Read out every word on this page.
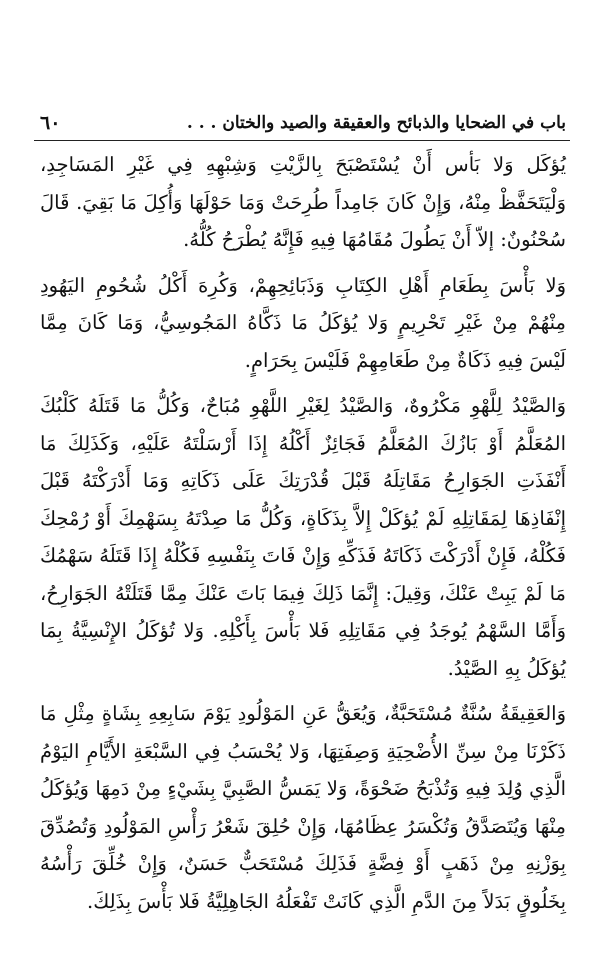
باب في الضحايا والذبائح والعقيقة والصيد والختان . . .
٦٠

يُؤكَل وَلا بَأس أَنْ يُسْتَصْبَحَ بِالزَّيْتِ وَشِبْهِهِ فِي غَيْرِ المَسَاجِدِ، وَلْيَتَحَفَّظْ مِنْهُ، وَإِنْ كَانَ جَامِداً طُرِحَتْ وَمَا حَوْلَهَا وَأُكِلَ مَا بَقِيَ. قَالَ سُحْنُونٌ: إلاّ أَنْ يَطُولَ مُقَامُهَا فِيهِ فَإِنَّهُ يُطْرَحُ كُلُّهُ.

وَلا بَأْسَ بِطَعَامِ أَهْلِ الكِتَابِ وَذَبَائِحِهِمْ، وَكُرِهَ أَكْلُ شُحُومِ اليَهُودِ مِنْهُمْ مِنْ غَيْرِ تَحْرِيمٍ وَلا يُؤكَلُ مَا ذَكَّاهُ المَجُوسِيُّ، وَمَا كَانَ مِمَّا لَيْسَ فِيهِ ذَكَاةٌ مِنْ طَعَامِهِمْ فَلَيْسَ بِحَرَامٍ.

وَالصَّيْدُ لِلَّهْوِ مَكْرُوهٌ، وَالصَّيْدُ لِغَيْرِ اللَّهْوِ مُبَاحٌ، وَكُلُّ مَا قَتَلَهُ كَلْبُكَ المُعَلَّمُ أَوْ بَازُكَ المُعَلَّمُ فَجَائِزٌ أَكْلُهُ إِذَا أَرْسَلْتَهُ عَلَيْهِ، وَكَذَلِكَ مَا أَنْفَذَتِ الجَوَارِحُ مَقَاتِلَهُ قَبْلَ قُدْرَتِكَ عَلَى ذَكَاتِهِ وَمَا أَدْرَكْتَهُ قَبْلَ إِنْفَاذِهَا لِمَقَاتِلِهِ لَمْ يُؤكَلْ إِلاَّ بِذَكَاةٍ، وَكُلُّ مَا صِدْتَهُ بِسَهْمِكَ أَوْ رُمْحِكَ فَكُلْهُ، فَإِنْ أَدْرَكْتَ ذَكَاتَهُ فَذَكِّهِ وَإِنْ فَاتَ بِنَفْسِهِ فَكُلْهُ إِذَا قَتَلَهُ سَهْمُكَ مَا لَمْ يَبِتْ عَنْكَ، وَقِيلَ: إِنَّمَا ذَلِكَ فِيمَا بَاتَ عَنْكَ مِمَّا قَتَلَتْهُ الجَوَارِحُ، وَأَمَّا السَّهْمُ يُوجَدُ فِي مَقَاتِلِهِ فَلا بَأْسَ بِأَكْلِهِ. وَلا تُؤكَلُ الإِنْسِيَّةُ بِمَا يُؤكَلُ بِهِ الصَّيْدُ.

وَالعَقِيقَةُ سُنَّةٌ مُسْتَحَبَّةٌ، وَيُعَقُّ عَنِ المَوْلُودِ يَوْمَ سَابِعِهِ بِشَاةٍ مِثْلِ مَا ذَكَرْنَا مِنْ سِنِّ الأُضْحِيَةِ وَصِفَتِهَا، وَلا يُحْسَبُ فِي السَّبْعَةِ الأَيَّامِ اليَوْمُ الَّذِي وُلِدَ فِيهِ وَتُذْبَحُ ضَحْوَةً، وَلا يَمَسُّ الصَّبِيَّ بِشَيْءٍ مِنْ دَمِهَا وَيُؤكَلُ مِنْهَا وَيُتَصَدَّقُ وَتُكْسَرُ عِظَامُهَا، وَإِنْ حُلِقَ شَعْرُ رَأْسِ المَوْلُودِ وَتُصُدِّقَ بِوَزْنِهِ مِنْ ذَهَبٍ أَوْ فِضَّةٍ فَذَلِكَ مُسْتَحَبٌّ حَسَنٌ، وَإِنْ خُلِّقَ رَأْسُهُ بِخَلُوقٍ بَدَلاً مِنَ الدَّمِ الَّذِي كَانَتْ تَفْعَلُهُ الجَاهِلِيَّةُ فَلا بَأْسَ بِذَلِكَ.
